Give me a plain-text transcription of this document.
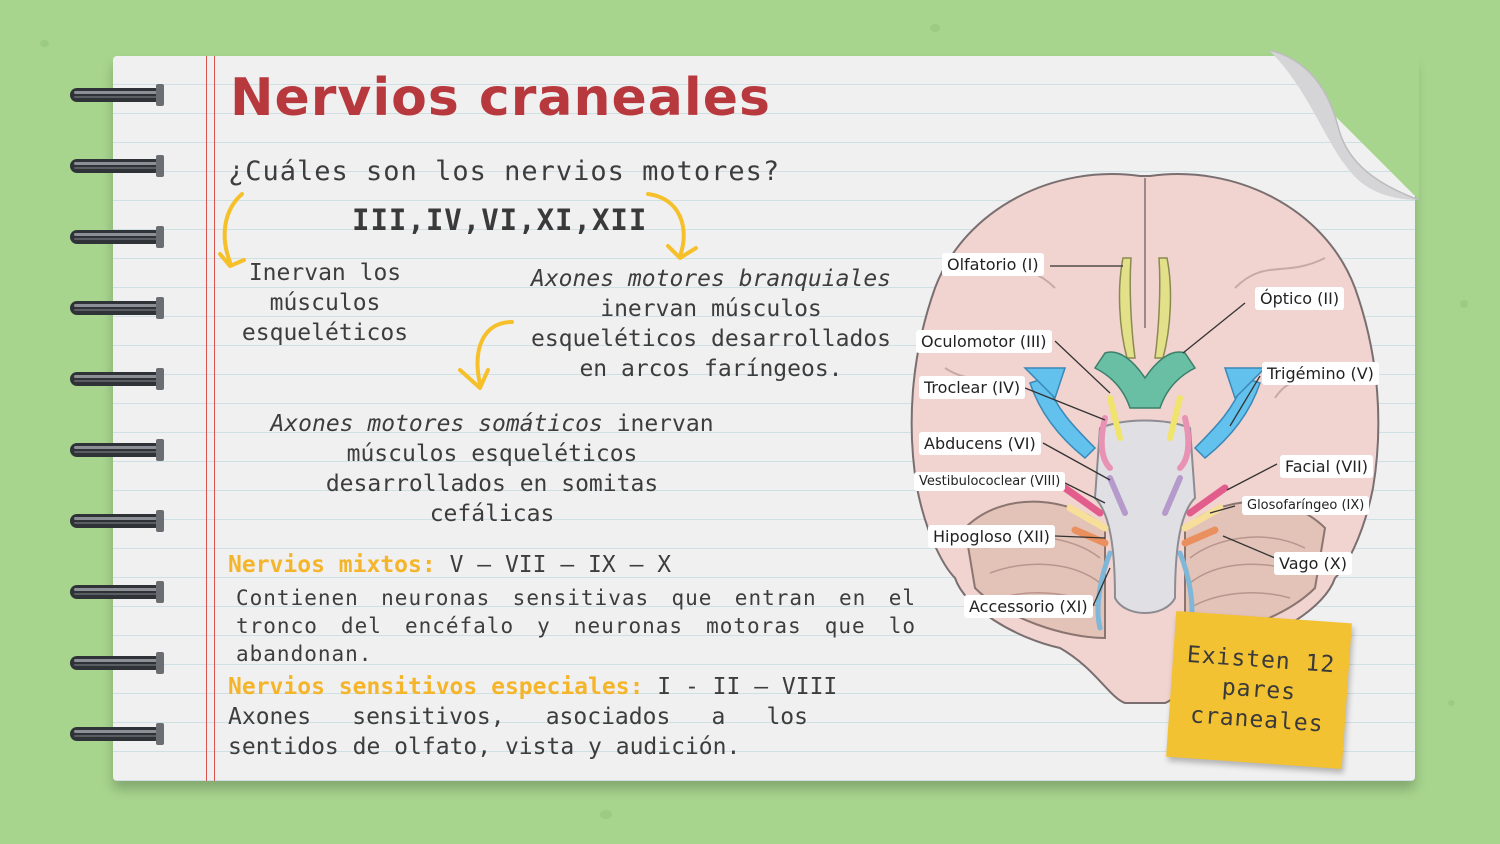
Nervios craneales
¿Cuáles son los nervios motores?
III,IV,VI,XI,XII
Inervan los
músculos
esqueléticos
Axones motores branquiales
inervan músculos
esqueléticos desarrollados
en arcos faríngeos.
Axones motores somáticos inervan
músculos esqueléticos
desarrollados en somitas
cefálicas
Nervios mixtos: V – VII – IX – X
Contienen neuronas sensitivas que entran en el tronco del encéfalo y neuronas motoras que lo abandonan.
Nervios sensitivos especiales: I - II – VIII
Axones sensitivos, asociados a los sentidos de olfato, vista y audición.
Olfatorio (I)
Óptico (II)
Oculomotor (III)
Troclear (IV)
Trigémino (V)
Abducens (VI)
Facial (VII)
Vestibulococlear (VIII)
Glosofaríngeo (IX)
Hipogloso (XII)
Vago (X)
Accessorio (XI)
Existen 12
pares
craneales
